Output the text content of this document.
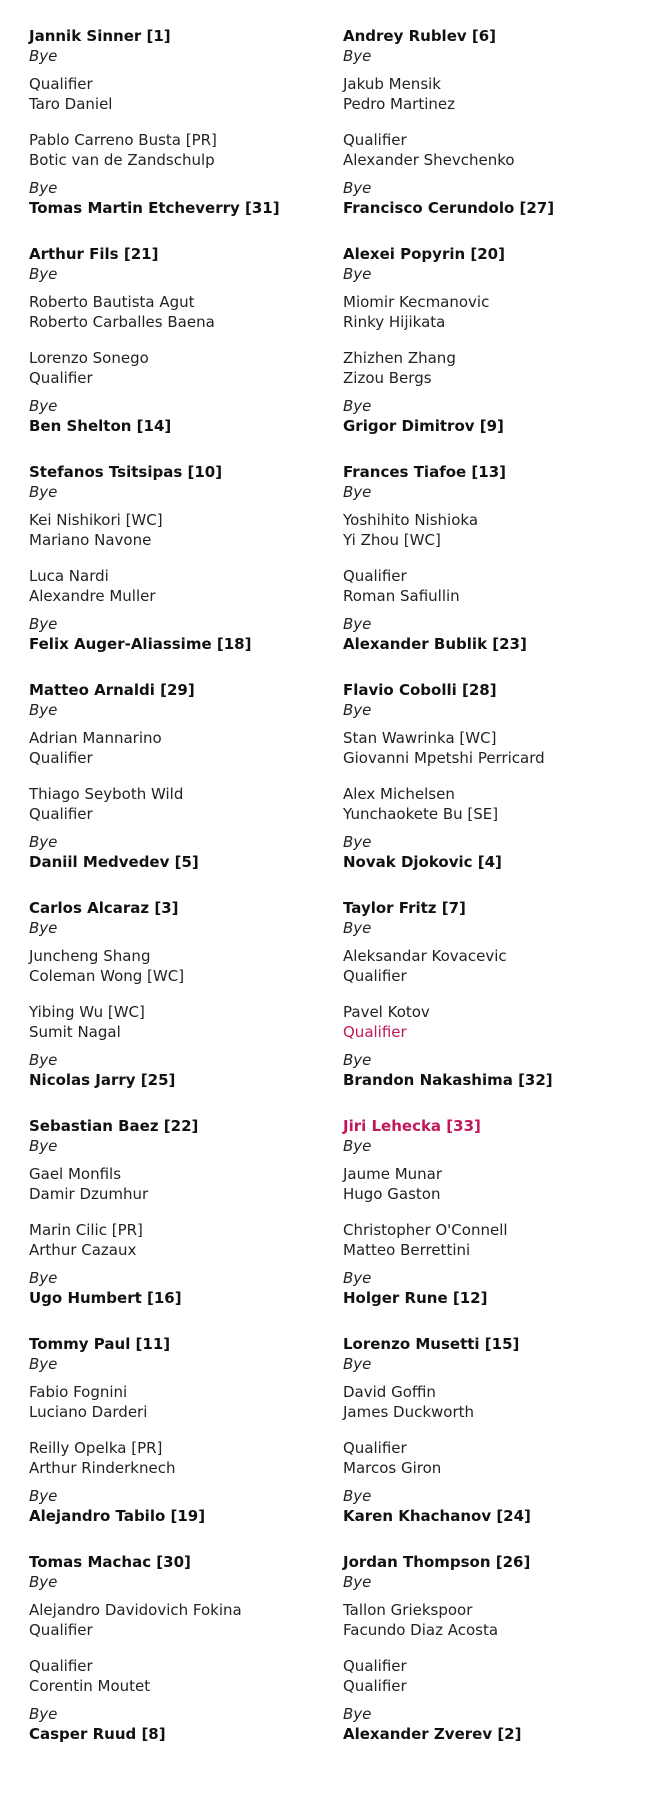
Jannik Sinner [1]
Bye
Qualifier
Taro Daniel
Pablo Carreno Busta [PR]
Botic van de Zandschulp
Bye
Tomas Martin Etcheverry [31]
Arthur Fils [21]
Bye
Roberto Bautista Agut
Roberto Carballes Baena
Lorenzo Sonego
Qualifier
Bye
Ben Shelton [14]
Stefanos Tsitsipas [10]
Bye
Kei Nishikori [WC]
Mariano Navone
Luca Nardi
Alexandre Muller
Bye
Felix Auger-Aliassime [18]
Matteo Arnaldi [29]
Bye
Adrian Mannarino
Qualifier
Thiago Seyboth Wild
Qualifier
Bye
Daniil Medvedev [5]
Carlos Alcaraz [3]
Bye
Juncheng Shang
Coleman Wong [WC]
Yibing Wu [WC]
Sumit Nagal
Bye
Nicolas Jarry [25]
Sebastian Baez [22]
Bye
Gael Monfils
Damir Dzumhur
Marin Cilic [PR]
Arthur Cazaux
Bye
Ugo Humbert [16]
Tommy Paul [11]
Bye
Fabio Fognini
Luciano Darderi
Reilly Opelka [PR]
Arthur Rinderknech
Bye
Alejandro Tabilo [19]
Tomas Machac [30]
Bye
Alejandro Davidovich Fokina
Qualifier
Qualifier
Corentin Moutet
Bye
Casper Ruud [8]
Andrey Rublev [6]
Bye
Jakub Mensik
Pedro Martinez
Qualifier
Alexander Shevchenko
Bye
Francisco Cerundolo [27]
Alexei Popyrin [20]
Bye
Miomir Kecmanovic
Rinky Hijikata
Zhizhen Zhang
Zizou Bergs
Bye
Grigor Dimitrov [9]
Frances Tiafoe [13]
Bye
Yoshihito Nishioka
Yi Zhou [WC]
Qualifier
Roman Safiullin
Bye
Alexander Bublik [23]
Flavio Cobolli [28]
Bye
Stan Wawrinka [WC]
Giovanni Mpetshi Perricard
Alex Michelsen
Yunchaokete Bu [SE]
Bye
Novak Djokovic [4]
Taylor Fritz [7]
Bye
Aleksandar Kovacevic
Qualifier
Pavel Kotov
Qualifier
Bye
Brandon Nakashima [32]
Jiri Lehecka [33]
Bye
Jaume Munar
Hugo Gaston
Christopher O'Connell
Matteo Berrettini
Bye
Holger Rune [12]
Lorenzo Musetti [15]
Bye
David Goffin
James Duckworth
Qualifier
Marcos Giron
Bye
Karen Khachanov [24]
Jordan Thompson [26]
Bye
Tallon Griekspoor
Facundo Diaz Acosta
Qualifier
Qualifier
Bye
Alexander Zverev [2]
